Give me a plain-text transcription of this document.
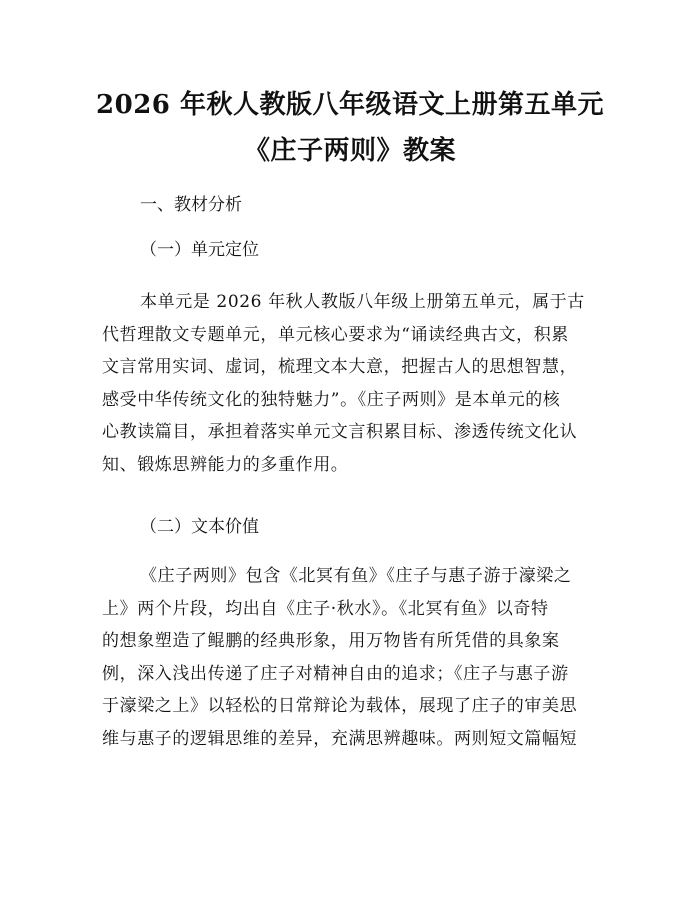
2026 年秋人教版八年级语文上册第五单元
《庄子两则》教案
一、教材分析
（一）单元定位
本单元是 2026 年秋人教版八年级上册第五单元，属于古
代哲理散文专题单元，单元核心要求为“诵读经典古文，积累
文言常用实词、虚词，梳理文本大意，把握古人的思想智慧，
感受中华传统文化的独特魅力”。《庄子两则》是本单元的核
心教读篇目，承担着落实单元文言积累目标、渗透传统文化认
知、锻炼思辨能力的多重作用。
（二）文本价值
《庄子两则》包含《北冥有鱼》《庄子与惠子游于濠梁之
上》两个片段，均出自《庄子·秋水》。《北冥有鱼》以奇特
的想象塑造了鲲鹏的经典形象，用万物皆有所凭借的具象案
例，深入浅出传递了庄子对精神自由的追求；《庄子与惠子游
于濠梁之上》以轻松的日常辩论为载体，展现了庄子的审美思
维与惠子的逻辑思维的差异，充满思辨趣味。两则短文篇幅短
